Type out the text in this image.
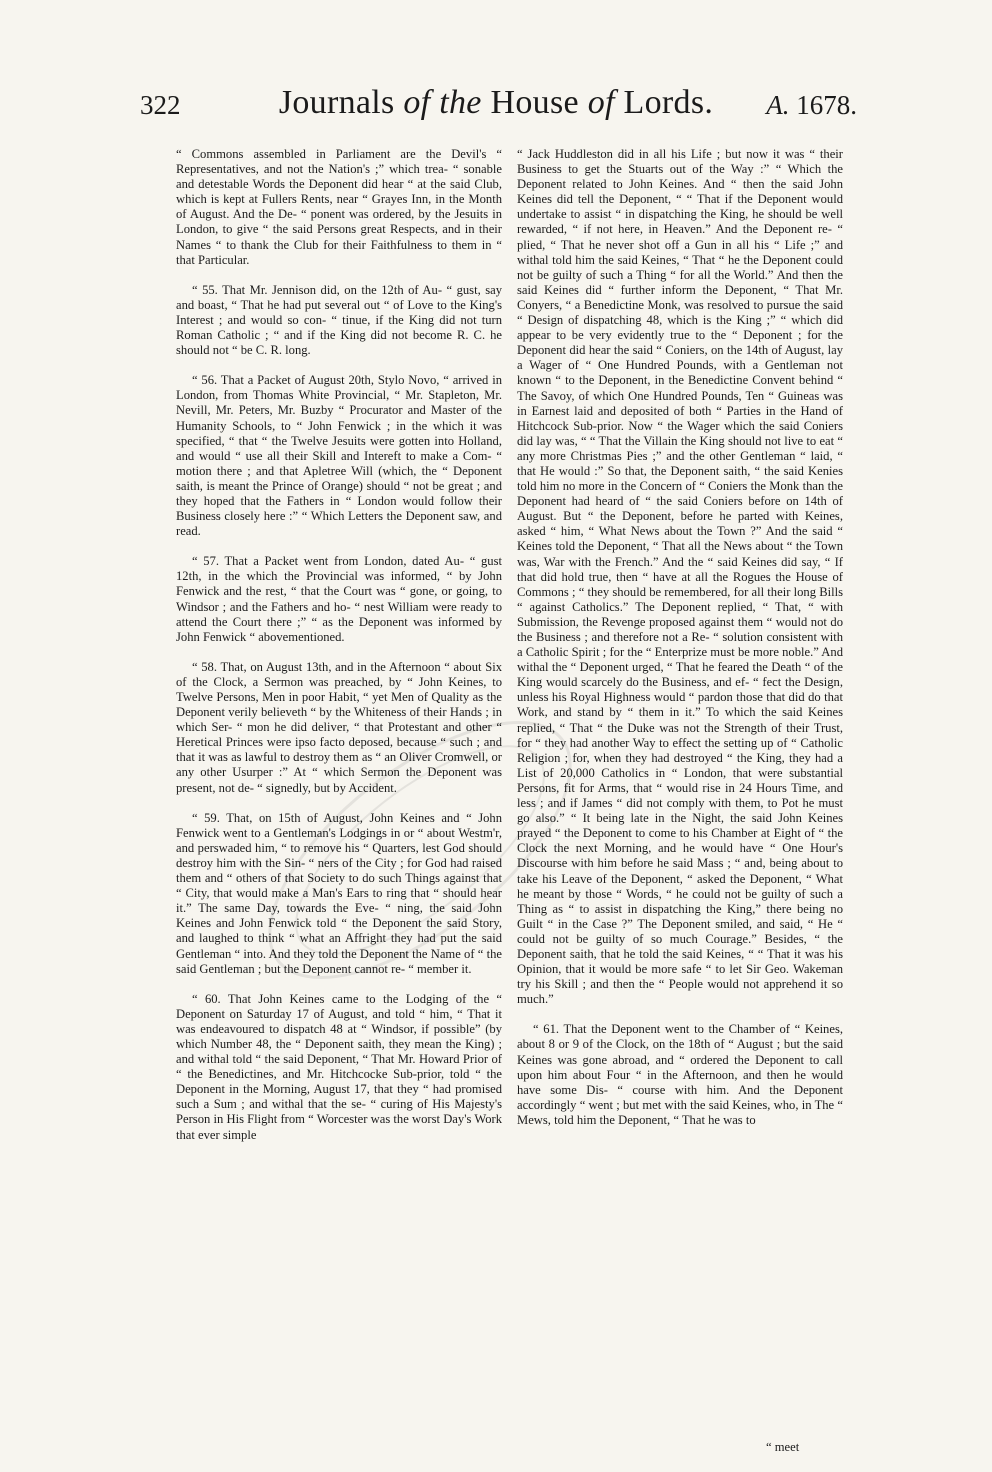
322	Journals of the House of Lords.	A. 1678.

“ Commons assembled in Parliament are the Devil's “ Representatives, and not the Nation's ;” which trea- “ sonable and detestable Words the Deponent did hear “ at the said Club, which is kept at Fullers Rents, near “ Grayes Inn, in the Month of August. And the De- “ ponent was ordered, by the Jesuits in London, to give “ the said Persons great Respects, and in their Names “ to thank the Club for their Faithfulness to them in “ that Particular.

“ 55. That Mr. Jennison did, on the 12th of Au- “ gust, say and boast, “ That he had put several out “ of Love to the King's Interest ; and would so con- “ tinue, if the King did not turn Roman Catholic ; “ and if the King did not become R. C. he should not “ be C. R. long.

“ 56. That a Packet of August 20th, Stylo Novo, “ arrived in London, from Thomas White Provincial, “ Mr. Stapleton, Mr. Nevill, Mr. Peters, Mr. Buzby “ Procurator and Master of the Humanity Schools, to “ John Fenwick ; in the which it was specified, “ that “ the Twelve Jesuits were gotten into Holland, and would “ use all their Skill and Intereft to make a Com- “ motion there ; and that Apletree Will (which, the “ Deponent saith, is meant the Prince of Orange) should “ not be great ; and they hoped that the Fathers in “ London would follow their Business closely here :” “ Which Letters the Deponent saw, and read.

“ 57. That a Packet went from London, dated Au- “ gust 12th, in the which the Provincial was informed, “ by John Fenwick and the rest, “ that the Court was “ gone, or going, to Windsor ; and the Fathers and ho- “ nest William were ready to attend the Court there ;” “ as the Deponent was informed by John Fenwick “ abovementioned.

“ 58. That, on August 13th, and in the Afternoon “ about Six of the Clock, a Sermon was preached, by “ John Keines, to Twelve Persons, Men in poor Habit, “ yet Men of Quality as the Deponent verily believeth “ by the Whiteness of their Hands ; in which Ser- “ mon he did deliver, “ that Protestant and other “ Heretical Princes were ipso facto deposed, because “ such ; and that it was as lawful to destroy them as “ an Oliver Cromwell, or any other Usurper :” At “ which Sermon the Deponent was present, not de- “ signedly, but by Accident.

“ 59. That, on 15th of August, John Keines and “ John Fenwick went to a Gentleman's Lodgings in or “ about Westm'r, and perswaded him, “ to remove his “ Quarters, lest God should destroy him with the Sin- “ ners of the City ; for God had raised them and “ others of that Society to do such Things against that “ City, that would make a Man's Ears to ring that “ should hear it.” The same Day, towards the Eve- “ ning, the said John Keines and John Fenwick told “ the Deponent the said Story, and laughed to think “ what an Affright they had put the said Gentleman “ into. And they told the Deponent the Name of “ the said Gentleman ; but the Deponent cannot re- “ member it.

“ 60. That John Keines came to the Lodging of the “ Deponent on Saturday 17 of August, and told “ him, “ That it was endeavoured to dispatch 48 at “ Windsor, if possible” (by which Number 48, the “ Deponent saith, they mean the King) ; and withal told “ the said Deponent, “ That Mr. Howard Prior of “ the Benedictines, and Mr. Hitchcocke Sub-prior, told “ the Deponent in the Morning, August 17, that they “ had promised such a Sum ; and withal that the se- “ curing of His Majesty's Person in His Flight from “ Worcester was the worst Day's Work that ever simple

“ Jack Huddleston did in all his Life ; but now it was “ their Business to get the Stuarts out of the Way :” “ Which the Deponent related to John Keines. And “ then the said John Keines did tell the Deponent, “ “ That if the Deponent would undertake to assist “ in dispatching the King, he should be well rewarded, “ if not here, in Heaven.” And the Deponent re- “ plied, “ That he never shot off a Gun in all his “ Life ;” and withal told him the said Keines, “ That “ he the Deponent could not be guilty of such a Thing “ for all the World.” And then the said Keines did “ further inform the Deponent, “ That Mr. Conyers, “ a Benedictine Monk, was resolved to pursue the said “ Design of dispatching 48, which is the King ;” “ which did appear to be very evidently true to the “ Deponent ; for the Deponent did hear the said “ Coniers, on the 14th of August, lay a Wager of “ One Hundred Pounds, with a Gentleman not known “ to the Deponent, in the Benedictine Convent behind “ The Savoy, of which One Hundred Pounds, Ten “ Guineas was in Earnest laid and deposited of both “ Parties in the Hand of Hitchcock Sub-prior. Now “ the Wager which the said Coniers did lay was, “ “ That the Villain the King should not live to eat “ any more Christmas Pies ;” and the other Gentleman “ laid, “ that He would :” So that, the Deponent saith, “ the said Kenies told him no more in the Concern of “ Coniers the Monk than the Deponent had heard of “ the said Coniers before on 14th of August. But “ the Deponent, before he parted with Keines, asked “ him, “ What News about the Town ?” And the said “ Keines told the Deponent, “ That all the News about “ the Town was, War with the French.” And the “ said Keines did say, “ If that did hold true, then “ have at all the Rogues the House of Commons ; “ they should be remembered, for all their long Bills “ against Catholics.” The Deponent replied, “ That, “ with Submission, the Revenge proposed against them “ would not do the Business ; and therefore not a Re- “ solution consistent with a Catholic Spirit ; for the “ Enterprize must be more noble.” And withal the “ Deponent urged, “ That he feared the Death “ of the King would scarcely do the Business, and ef- “ fect the Design, unless his Royal Highness would “ pardon those that did do that Work, and stand by “ them in it.” To which the said Keines replied, “ That “ the Duke was not the Strength of their Trust, for “ they had another Way to effect the setting up of “ Catholic Religion ; for, when they had destroyed “ the King, they had a List of 20,000 Catholics in “ London, that were substantial Persons, fit for Arms, that “ would rise in 24 Hours Time, and less ; and if James “ did not comply with them, to Pot he must go also.” “ It being late in the Night, the said John Keines prayed “ the Deponent to come to his Chamber at Eight of “ the Clock the next Morning, and he would have “ One Hour's Discourse with him before he said Mass ; “ and, being about to take his Leave of the Deponent, “ asked the Deponent, “ What he meant by those “ Words, “ he could not be guilty of such a Thing as “ to assist in dispatching the King,” there being no Guilt “ in the Case ?” The Deponent smiled, and said, “ He “ could not be guilty of so much Courage.” Besides, “ the Deponent saith, that he told the said Keines, “ “ That it was his Opinion, that it would be more safe “ to let Sir Geo. Wakeman try his Skill ; and then the “ People would not apprehend it so much.”

“ 61. That the Deponent went to the Chamber of “ Keines, about 8 or 9 of the Clock, on the 18th of “ August ; but the said Keines was gone abroad, and “ ordered the Deponent to call upon him about Four “ in the Afternoon, and then he would have some Dis- “ course with him. And the Deponent accordingly “ went ; but met with the said Keines, who, in The “ Mews, told him the Deponent, “ That he was to

“ meet
